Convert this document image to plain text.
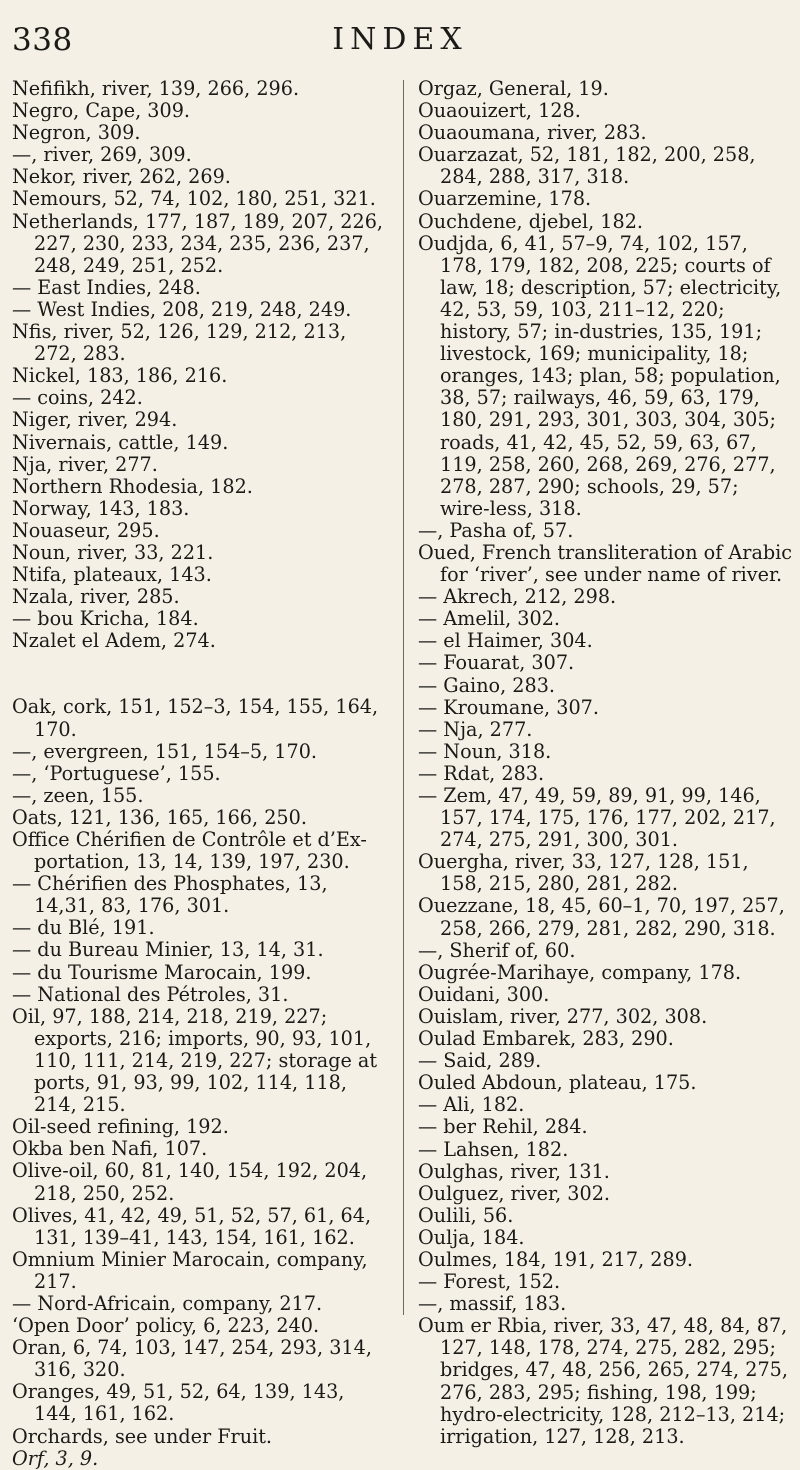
338	INDEX

Nefifikh, river, 139, 266, 296.

Negro, Cape, 309.

Negron, 309.

—, river, 269, 309.

Nekor, river, 262, 269.

Nemours, 52, 74, 102, 180, 251, 321.

Netherlands, 177, 187, 189, 207, 226, 227, 230, 233, 234, 235, 236, 237, 248, 249, 251, 252.

— East Indies, 248.

— West Indies, 208, 219, 248, 249.

Nfis, river, 52, 126, 129, 212, 213, 272, 283.

Nickel, 183, 186, 216.

— coins, 242.

Niger, river, 294.

Nivernais, cattle, 149.

Nja, river, 277.

Northern Rhodesia, 182.

Norway, 143, 183.

Nouaseur, 295.

Noun, river, 33, 221.

Ntifa, plateaux, 143.

Nzala, river, 285.

— bou Kricha, 184.

Nzalet el Adem, 274.

Oak, cork, 151, 152–3, 154, 155, 164, 170.

—, evergreen, 151, 154–5, 170.

—, ‘Portuguese’, 155.

—, zeen, 155.

Oats, 121, 136, 165, 166, 250.

Office Chérifien de Contrôle et d’Ex-portation, 13, 14, 139, 197, 230.

— Chérifien des Phosphates, 13, 14,31, 83, 176, 301.

— du Blé, 191.

— du Bureau Minier, 13, 14, 31.

— du Tourisme Marocain, 199.

— National des Pétroles, 31.

Oil, 97, 188, 214, 218, 219, 227; exports, 216; imports, 90, 93, 101, 110, 111, 214, 219, 227; storage at ports, 91, 93, 99, 102, 114, 118, 214, 215.

Oil-seed refining, 192.

Okba ben Nafi, 107.

Olive-oil, 60, 81, 140, 154, 192, 204, 218, 250, 252.

Olives, 41, 42, 49, 51, 52, 57, 61, 64, 131, 139–41, 143, 154, 161, 162.

Omnium Minier Marocain, company, 217.

— Nord-Africain, company, 217.

‘Open Door’ policy, 6, 223, 240.

Oran, 6, 74, 103, 147, 254, 293, 314, 316, 320.

Oranges, 49, 51, 52, 64, 139, 143, 144, 161, 162.

Orchards, see under Fruit.

Orf, 3, 9.

Orgaz, General, 19.

Ouaouizert, 128.

Ouaoumana, river, 283.

Ouarzazat, 52, 181, 182, 200, 258, 284, 288, 317, 318.

Ouarzemine, 178.

Ouchdene, djebel, 182.

Oudjda, 6, 41, 57–9, 74, 102, 157, 178, 179, 182, 208, 225; courts of law, 18; description, 57; electricity, 42, 53, 59, 103, 211–12, 220; history, 57; in-dustries, 135, 191; livestock, 169; municipality, 18; oranges, 143; plan, 58; population, 38, 57; railways, 46, 59, 63, 179, 180, 291, 293, 301, 303, 304, 305; roads, 41, 42, 45, 52, 59, 63, 67, 119, 258, 260, 268, 269, 276, 277, 278, 287, 290; schools, 29, 57; wire-less, 318.

—, Pasha of, 57.

Oued, French transliteration of Arabic for ‘river’, see under name of river.

— Akrech, 212, 298.

— Amelil, 302.

— el Haimer, 304.

— Fouarat, 307.

— Gaino, 283.

— Kroumane, 307.

— Nja, 277.

— Noun, 318.

— Rdat, 283.

— Zem, 47, 49, 59, 89, 91, 99, 146, 157, 174, 175, 176, 177, 202, 217, 274, 275, 291, 300, 301.

Ouergha, river, 33, 127, 128, 151, 158, 215, 280, 281, 282.

Ouezzane, 18, 45, 60–1, 70, 197, 257, 258, 266, 279, 281, 282, 290, 318.

—, Sherif of, 60.

Ougrée-Marihaye, company, 178.

Ouidani, 300.

Ouislam, river, 277, 302, 308.

Oulad Embarek, 283, 290.

— Said, 289.

Ouled Abdoun, plateau, 175.

— Ali, 182.

— ber Rehil, 284.

— Lahsen, 182.

Oulghas, river, 131.

Oulguez, river, 302.

Oulili, 56.

Oulja, 184.

Oulmes, 184, 191, 217, 289.

— Forest, 152.

—, massif, 183.

Oum er Rbia, river, 33, 47, 48, 84, 87, 127, 148, 178, 274, 275, 282, 295; bridges, 47, 48, 256, 265, 274, 275, 276, 283, 295; fishing, 198, 199; hydro-electricity, 128, 212–13, 214; irrigation, 127, 128, 213.
